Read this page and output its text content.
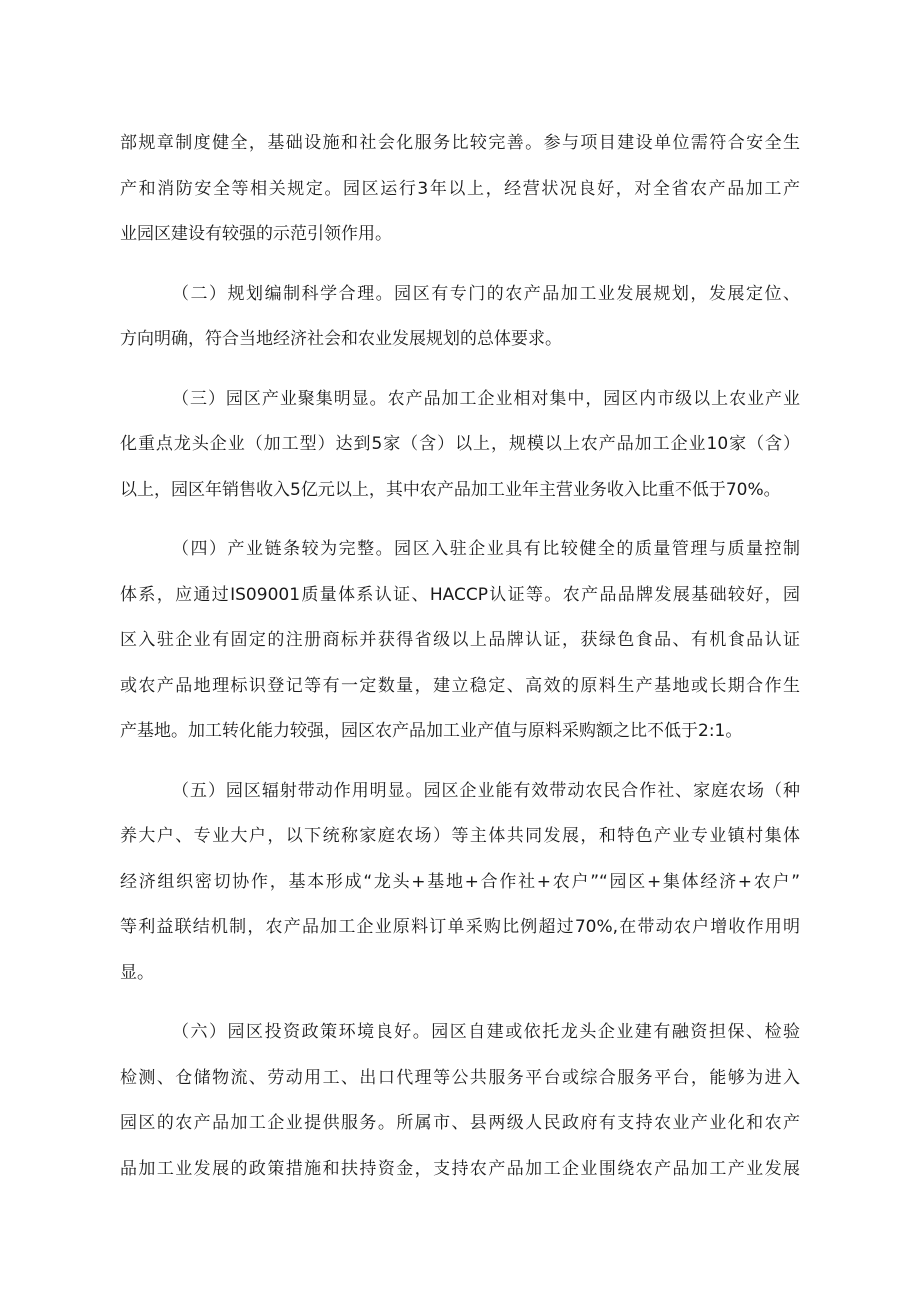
部规章制度健全，基础设施和社会化服务比较完善。参与项目建设单位需符合安全生
产和消防安全等相关规定。园区运行3年以上，经营状况良好，对全省农产品加工产
业园区建设有较强的示范引领作用。
（二）规划编制科学合理。园区有专门的农产品加工业发展规划，发展定位、
方向明确，符合当地经济社会和农业发展规划的总体要求。
（三）园区产业聚集明显。农产品加工企业相对集中，园区内市级以上农业产业
化重点龙头企业（加工型）达到5家（含）以上，规模以上农产品加工企业10家（含）
以上，园区年销售收入5亿元以上，其中农产品加工业年主营业务收入比重不低于70%。
（四）产业链条较为完整。园区入驻企业具有比较健全的质量管理与质量控制
体系，应通过IS09001质量体系认证、HACCP认证等。农产品品牌发展基础较好，园
区入驻企业有固定的注册商标并获得省级以上品牌认证，获绿色食品、有机食品认证
或农产品地理标识登记等有一定数量，建立稳定、高效的原料生产基地或长期合作生
产基地。加工转化能力较强，园区农产品加工业产值与原料采购额之比不低于2:1。
（五）园区辐射带动作用明显。园区企业能有效带动农民合作社、家庭农场（种
养大户、专业大户，以下统称家庭农场）等主体共同发展，和特色产业专业镇村集体
经济组织密切协作，基本形成“龙头+基地+合作社+农户”“园区+集体经济+农户”
等利益联结机制，农产品加工企业原料订单采购比例超过70%,在带动农户增收作用明
显。
（六）园区投资政策环境良好。园区自建或依托龙头企业建有融资担保、检验
检测、仓储物流、劳动用工、出口代理等公共服务平台或综合服务平台，能够为进入
园区的农产品加工企业提供服务。所属市、县两级人民政府有支持农业产业化和农产
品加工业发展的政策措施和扶持资金，支持农产品加工企业围绕农产品加工产业发展
